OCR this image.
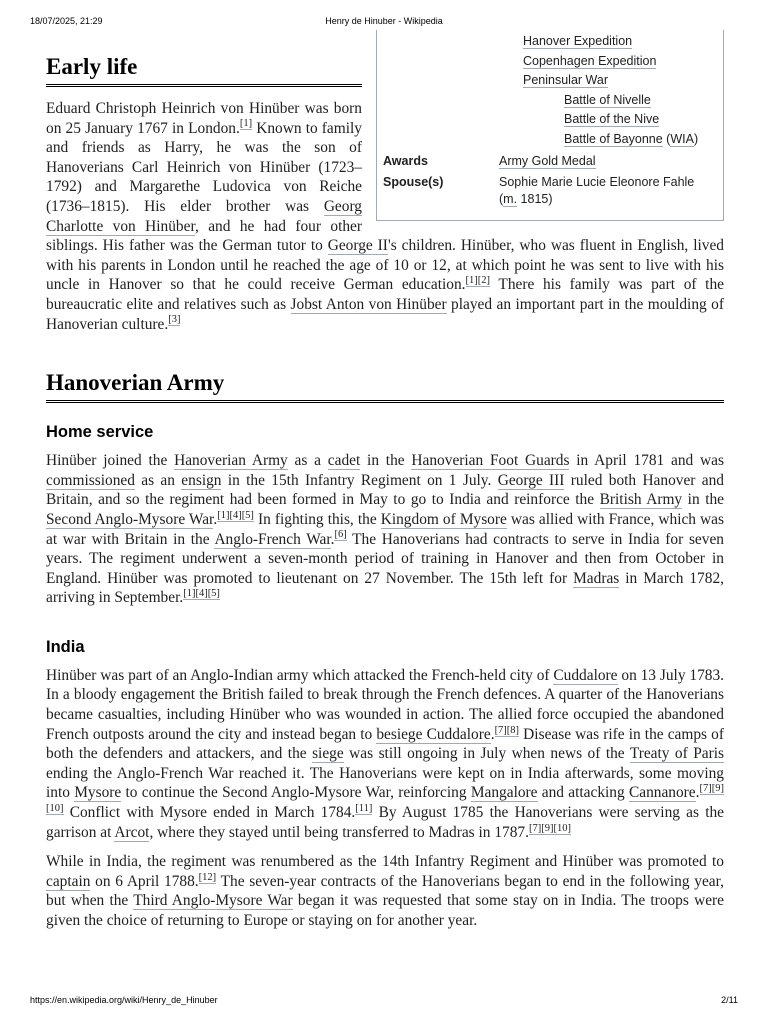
18/07/2025, 21:29	Henry de Hinuber - Wikipedia
Hanover Expedition
Copenhagen Expedition
Peninsular War
Battle of Nivelle
Battle of the Nive
Battle of Bayonne (WIA)
Awards	Army Gold Medal
Spouse(s)	Sophie Marie Lucie Eleonore Fahle
(m. 1815)
Early life

Eduard Christoph Heinrich von Hinüber was born on 25 January 1767 in London.[1] Known to family and friends as Harry, he was the son of Hanoverians Carl Heinrich von Hinüber (1723–1792) and Margarethe Ludovica von Reiche (1736–1815). His elder brother was Georg Charlotte von Hinüber, and he had four other siblings. His father was the German tutor to George II's children. Hinüber, who was fluent in English, lived with his parents in London until he reached the age of 10 or 12, at which point he was sent to live with his uncle in Hanover so that he could receive German education.[1][2] There his family was part of the bureaucratic elite and relatives such as Jobst Anton von Hinüber played an important part in the moulding of Hanoverian culture.[3]

Hanoverian Army
Home service

Hinüber joined the Hanoverian Army as a cadet in the Hanoverian Foot Guards in April 1781 and was commissioned as an ensign in the 15th Infantry Regiment on 1 July. George III ruled both Hanover and Britain, and so the regiment had been formed in May to go to India and reinforce the British Army in the Second Anglo-Mysore War.[1][4][5] In fighting this, the Kingdom of Mysore was allied with France, which was at war with Britain in the Anglo-French War.[6] The Hanoverians had contracts to serve in India for seven years. The regiment underwent a seven-month period of training in Hanover and then from October in England. Hinüber was promoted to lieutenant on 27 November. The 15th left for Madras in March 1782, arriving in September.[1][4][5]

India

Hinüber was part of an Anglo-Indian army which attacked the French-held city of Cuddalore on 13 July 1783. In a bloody engagement the British failed to break through the French defences. A quarter of the Hanoverians became casualties, including Hinüber who was wounded in action. The allied force occupied the abandoned French outposts around the city and instead began to besiege Cuddalore.[7][8] Disease was rife in the camps of both the defenders and attackers, and the siege was still ongoing in July when news of the Treaty of Paris ending the Anglo-French War reached it. The Hanoverians were kept on in India afterwards, some moving into Mysore to continue the Second Anglo-Mysore War, reinforcing Mangalore and attacking Cannanore.[7][9][10] Conflict with Mysore ended in March 1784.[11] By August 1785 the Hanoverians were serving as the garrison at Arcot, where they stayed until being transferred to Madras in 1787.[7][9][10]

While in India, the regiment was renumbered as the 14th Infantry Regiment and Hinüber was promoted to captain on 6 April 1788.[12] The seven-year contracts of the Hanoverians began to end in the following year, but when the Third Anglo-Mysore War began it was requested that some stay on in India. The troops were given the choice of returning to Europe or staying on for another year.

https://en.wikipedia.org/wiki/Henry_de_Hinuber	2/11
